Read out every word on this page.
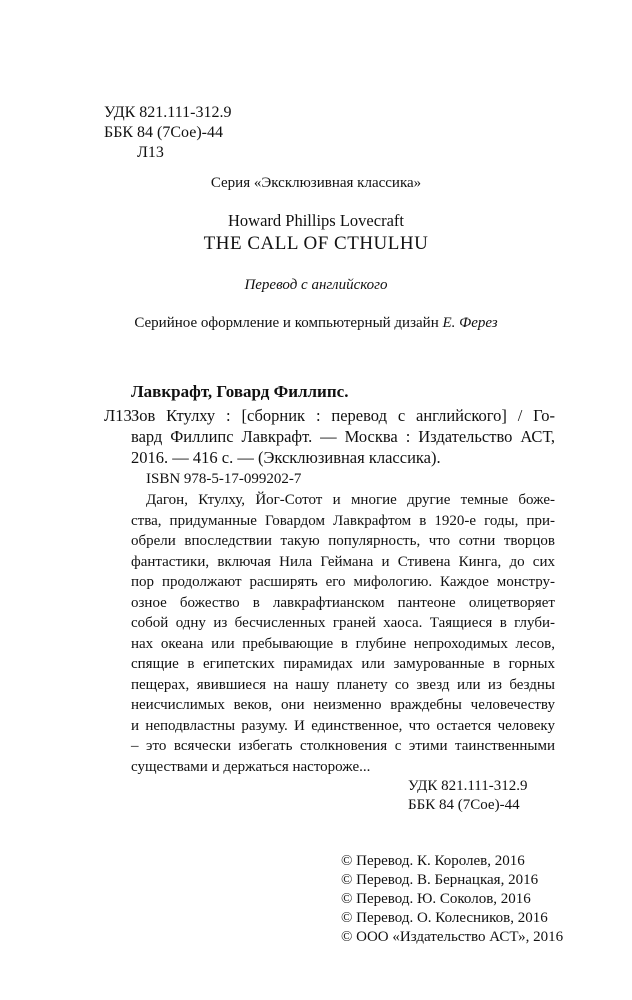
УДК 821.111-312.9
ББК 84 (7Сое)-44
Л13
Серия «Эксклюзивная классика»
Howard Phillips Lovecraft
THE CALL OF CTHULHU
Перевод с английского
Серийное оформление и компьютерный дизайн Е. Ферез
Лавкрафт, Говард Филлипс.
Л13 Зов Ктулху : [сборник : перевод с английского] / Го-
вард Филлипс Лавкрафт. — Москва : Издательство АСТ,
2016. — 416 с. — (Эксклюзивная классика).
ISBN 978-5-17-099202-7
Дагон, Ктулху, Йог-Сотот и многие другие темные боже-
ства, придуманные Говардом Лавкрафтом в 1920-е годы, при-
обрели впоследствии такую популярность, что сотни творцов
фантастики, включая Нила Геймана и Стивена Кинга, до сих
пор продолжают расширять его мифологию. Каждое монстру-
озное божество в лавкрафтианском пантеоне олицетворяет
собой одну из бесчисленных граней хаоса. Таящиеся в глуби-
нах океана или пребывающие в глубине непроходимых лесов,
спящие в египетских пирамидах или замурованные в горных
пещерах, явившиеся на нашу планету со звезд или из бездны
неисчислимых веков, они неизменно враждебны человечеству
и неподвластны разуму. И единственное, что остается человеку
– это всячески избегать столкновения с этими таинственными
существами и держаться настороже...
УДК 821.111-312.9
ББК 84 (7Сое)-44
© Перевод. К. Королев, 2016
© Перевод. В. Бернацкая, 2016
© Перевод. Ю. Соколов, 2016
© Перевод. О. Колесников, 2016
© ООО «Издательство АСТ», 2016
